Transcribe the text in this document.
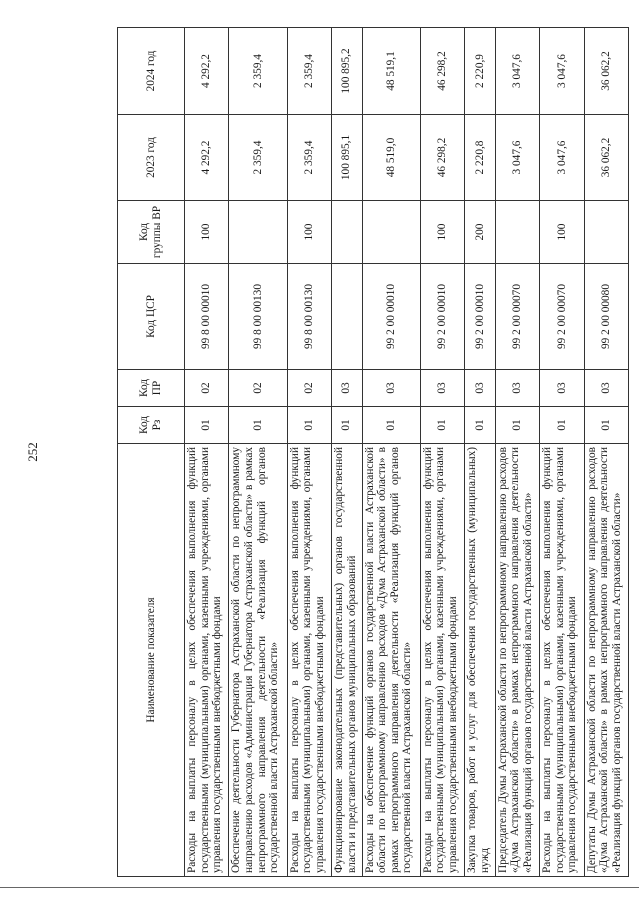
252
Наименование показателя	Код Рз	Код ПР	Код ЦСР	Код группы ВР	2023 год	2024 год
Расходы на выплаты персоналу в целях обеспечения выполнения функций государственными (муниципальными) органами, казенными учреждениями, органами управления государственными внебюджетными фондами	01	02	99 8 00 00010	100	4 292,2	4 292,2
Обеспечение деятельности Губернатора Астраханской области по непрограммному направлению расходов «Администрация Губернатора Астраханской области» в рамках непрограммного направления деятельности «Реализация функций органов государственной власти Астраханской области»	01	02	99 8 00 00130		2 359,4	2 359,4
Расходы на выплаты персоналу в целях обеспечения выполнения функций государственными (муниципальными) органами, казенными учреждениями, органами управления государственными внебюджетными фондами	01	02	99 8 00 00130	100	2 359,4	2 359,4
Функционирование законодательных (представительных) органов государственной власти и представительных органов муниципальных образований	01	03			100 895,1	100 895,2
Расходы на обеспечение функций органов государственной власти Астраханской области по непрограммному направлению расходов «Дума Астраханской области» в рамках непрограммного направления деятельности «Реализация функций органов государственной власти Астраханской области»	01	03	99 2 00 00010		48 519,0	48 519,1
Расходы на выплаты персоналу в целях обеспечения выполнения функций государственными (муниципальными) органами, казенными учреждениями, органами управления государственными внебюджетными фондами	01	03	99 2 00 00010	100	46 298,2	46 298,2
Закупка товаров, работ и услуг для обеспечения государственных (муниципальных) нужд	01	03	99 2 00 00010	200	2 220,8	2 220,9
Председатель Думы Астраханской области по непрограммному направлению расходов «Дума Астраханской области» в рамках непрограммного направления деятельности «Реализация функций органов государственной власти Астраханской области»	01	03	99 2 00 00070		3 047,6	3 047,6
Расходы на выплаты персоналу в целях обеспечения выполнения функций государственными (муниципальными) органами, казенными учреждениями, органами управления государственными внебюджетными фондами	01	03	99 2 00 00070	100	3 047,6	3 047,6
Депутаты Думы Астраханской области по непрограммному направлению расходов «Дума Астраханской области» в рамках непрограммного направления деятельности «Реализация функций органов государственной власти Астраханской области»	01	03	99 2 00 00080		36 062,2	36 062,2
